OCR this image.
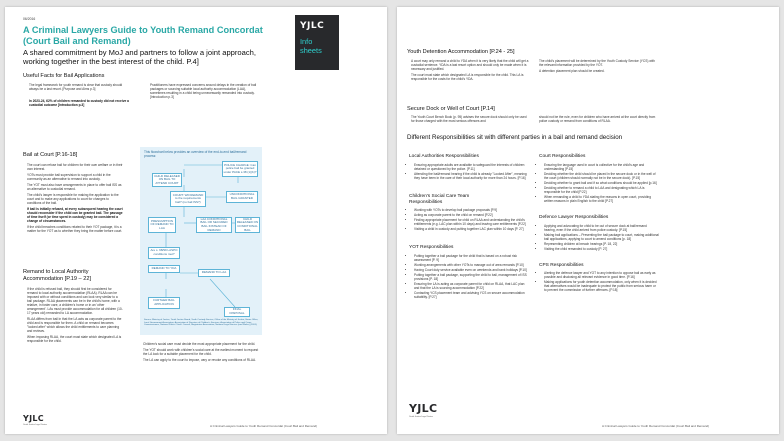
06/2016

A Criminal Lawyers Guide to Youth Remand Concordat (Court Bail and Remand)

A shared commitment by MoJ and partners to follow a joint approach, working together in the best interest of the child. P.4]

YJLC
Info
sheets

Useful Facts for Bail Applications

The legal framework for youth remand is clear that custody should always be a last resort. [Purpose and Aims p.3]

In 2023-24, 62% of children remanded to custody did not receive a custodial outcome [Introduction p.3]

Practitioners have expressed concerns around delays in the creation of bail packages or sourcing suitable local authority accommodation (LAA), sometimes resulting in a child being unnecessarily remanded into custody. [Introduction p.3]

Bail at Court [P.16-18]

The court can refuse bail for children for their own welfare or in their own interest.

YOTs must provide bail supervision to support a child in the community as an alternative to remand into custody.

The YOT must also have arrangements in place to offer bail ISS as an alternative to custodial remand.

The child's lawyer is responsible for making the application to the court and to make any applications to court for changes to conditions of the bail.

If bail is initially refused, at every subsequent hearing the court should reconsider if the child can be granted bail. The passage of time itself (or time spent in custody) may be considered a change of circumstances.

If the child breaches conditions related to their YOT package, it is a matter for the YOT as to whether they bring the matter before court.

Remand to Local Authority Accommodation [P.19 – 22]

If the child is refused bail, they should first be considered for remand to local authority accommodation (RLAA). RLAA can be imposed with or without conditions and can look very similar to a bail package. RLAA placements can be in the child's home, with a relative, in foster care, a children's home or in an 'other arrangement'. LAs must provide accommodation for all children (10-17 years old) remanded to LA accommodation.

RLAA differs from bail in that the LA acts as corporate parent to the child and is responsible for them. A child on remand becomes "looked after" which allows the child entitlements to care planning and reviews.

When imposing RLAA, the court must state which designated LA is responsible for the child.

This flowchart below provides an overview of the end-to-end bail/remand process:

POLICE CHARGE: Can police bail be granted under PACE s.38 (1)(b)?
CHILD RELEASED ON BAIL TO ATTEND COURT
COURT: Will REMAND to the requirements bail? (no bail ISS?)
UNCONDITIONAL BAIL GRANTED
PRESUMPTION OF REMAND TO LAA
LAA CONDITIONAL BAIL OR SECURED BAIL INSTEAD OF REMAND
CHILD RELEASED ON CONDITIONAL BAIL
Are s. 98/99 LASPO conditions met?
REMAND TO YDA
REMAND TO LAA
FURTHER BAIL APPLICATION
FINAL DISPOSAL

Source: Ministry of Justice, Youth Justice Board, Youth Custody Service, Office of the Ministry of Justice, Home Office, Local Government Association, Association of Directors of Children's Services, Association of Police and Crime Commissioners, National Police Chiefs' Council, Magistrates Association, National Legal Service (and Wales) (2024).

Children's social care must decide the most appropriate placement for the child.

The YOT should work with children's social care at the earliest moment to request the LA look for a suitable placement for the child.

The LA can apply to the court to impose, vary or revoke any conditions of RLAA.

YJLC
Youth Justice Legal Centre	A Criminal Lawyers Guide to Youth Remand Concordat (Court Bail and Remand)

Youth Detention Accommodation [P.24 - 25]

A court may only remand a child to YDA when it is very likely that the child will get a custodial sentence. YDA is a last resort option and should only be made when it is necessary and justified.

The court must state which designated LA is responsible for the child. This LA is responsible for the costs for the child's YDA.

The child's placement will be determined by the Youth Custody Service (YCS) with the relevant information provided by the YOT.

A detention placement plan should be created.

Secure Dock or Well of Court [P.14]

The Youth Court Bench Book (p. 95) advises the secure dock should only be used for those charged with the most serious offences and

should not be the rule, even for children who have arrived at the court directly from police custody or remand from conditions of RLAA.

Different Responsibilities sit with different parties in a bail and remand decision

Local Authorities Responsibilities

• Ensuring appropriate adults are available to safeguard the interests of children detained or questioned by the police. [P.11]
• Attending the bail/remand hearing if the child is already "Looked After", meaning they have been in the care of their local authority for more than 24 hours. [P.16]

Children's Social Care Team Responsibilities

• Working with YOTs to develop bail package proposals [P.9]
• Acting as corporate parent to the child on remand [P.22]
• Finding appropriate placement for child on RLAA and understanding the child's entitlements (e.g. LAC plan within 10 days) and leaving care entitlements [P.22]
• Visiting a child in custody and putting together LAC plan within 10 days [P. 27]

YOT Responsibilities

• Putting together a bail package for the child that is based on a robust risk assessment [P. 9]
• Working arrangements with other YOTs to manage out of area remands [P.10]
• Having Court duty service available even on weekends and bank holidays [P.10]
• Putting together a bail package, supporting the child to bail, management of ISS provisions [P. 18]
• Ensuring the LA is acting as corporate parent for child on RLAA, that LAC plan and that the LA is sourcing accommodation [P.22]
• Contacting YCS placement team and advising YCS on secure accommodation suitability. [P.27]

Court Responsibilities

• Ensuring the language used in court is collective for the child's age and understanding [P.15]
• Deciding whether the child should be placed in the secure dock or in the well of the court (children should normally not be in the secure dock). [P.15]
• Deciding whether to grant bail and if so what conditions should be applied [p.16]
• Deciding whether to remand a child to LAA and designating which LA is responsible for the child [P.22]
• When remanding a child to YDA stating the reasons in open court, providing written reasons in plain English to the child [P.27]

Defence Lawyer Responsibilities

• Applying and advocating for child to be out of secure dock at bail/remand hearing, even if the child arrived from police custody. [P.15]
• Making bail applications – Presenting the bail package to court, making additional bail applications, applying to court to amend conditions [p. 18]
• Representing children at breach hearings [P. 18, 22]
• Visiting the child remanded to custody [P. 27]

CPS Responsibilities

• Alerting the defence lawyer and YOT to any intention to oppose bail as early as possible and disclosing all relevant evidence in good time. [P.16]
• Making applications for youth detention accommodation, only when it is decided that alternatives would be inadequate to protect the public from serious harm or to prevent the commission of further offences. [P.18]
YJLC
Youth Justice Legal Centre

A Criminal Lawyers Guide to Youth Remand Concordat (Court Bail and Remand)
